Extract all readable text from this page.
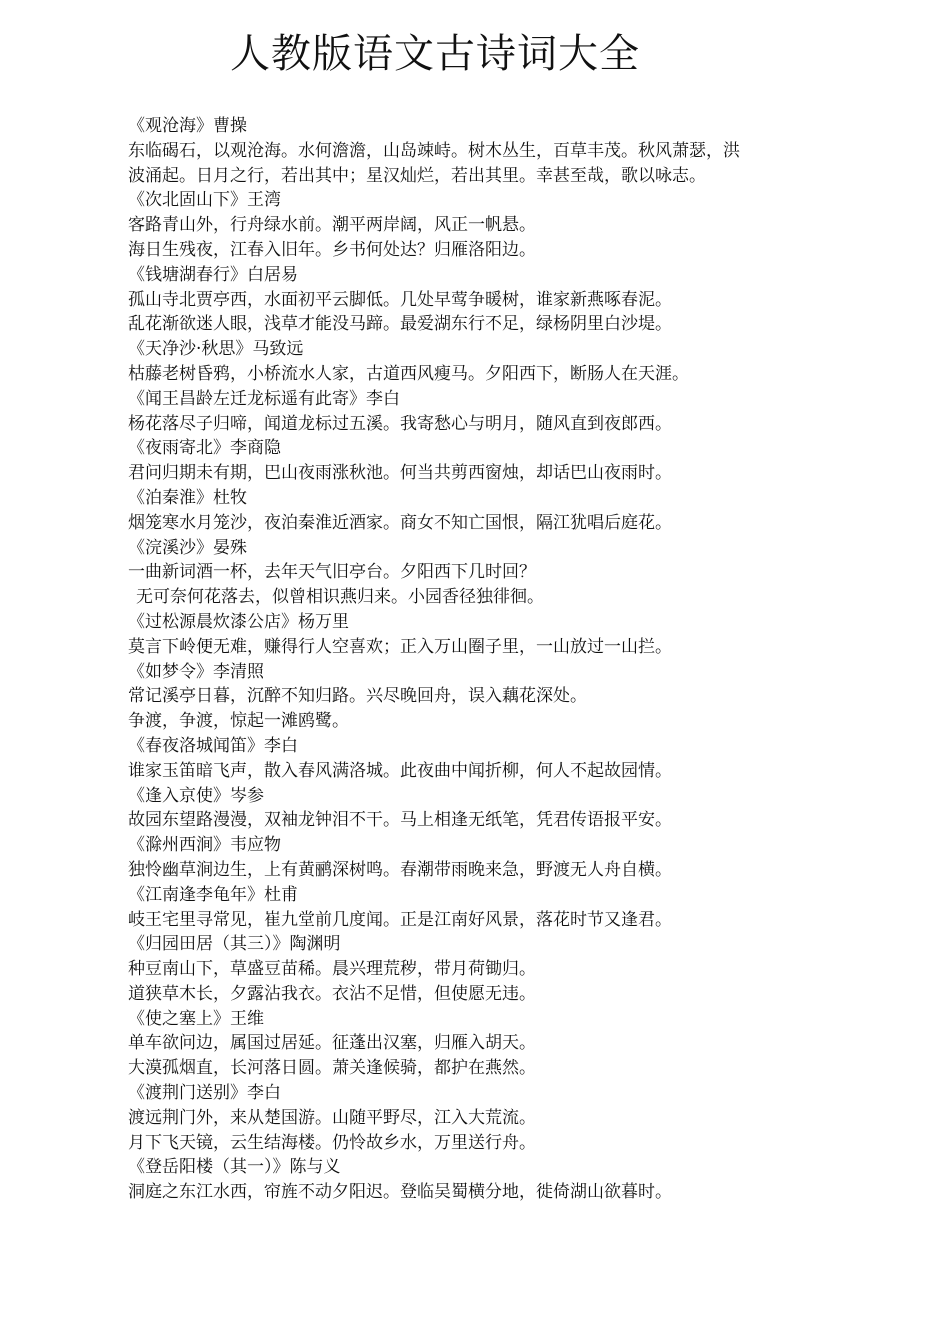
人教版语文古诗词大全
《观沧海》曹操
东临碣石，以观沧海。水何澹澹，山岛竦峙。树木丛生，百草丰茂。秋风萧瑟，洪
波涌起。日月之行，若出其中；星汉灿烂，若出其里。幸甚至哉，歌以咏志。
《次北固山下》王湾
客路青山外，行舟绿水前。潮平两岸阔，风正一帆悬。
海日生残夜，江春入旧年。乡书何处达？归雁洛阳边。
《钱塘湖春行》白居易
孤山寺北贾亭西，水面初平云脚低。几处早莺争暖树，谁家新燕啄春泥。
乱花渐欲迷人眼，浅草才能没马蹄。最爱湖东行不足，绿杨阴里白沙堤。
《天净沙·秋思》马致远
枯藤老树昏鸦，小桥流水人家，古道西风瘦马。夕阳西下，断肠人在天涯。
《闻王昌龄左迁龙标遥有此寄》李白
杨花落尽子归啼，闻道龙标过五溪。我寄愁心与明月，随风直到夜郎西。
《夜雨寄北》李商隐
君问归期未有期，巴山夜雨涨秋池。何当共剪西窗烛，却话巴山夜雨时。
《泊秦淮》杜牧
烟笼寒水月笼沙，夜泊秦淮近酒家。商女不知亡国恨，隔江犹唱后庭花。
《浣溪沙》晏殊
一曲新词酒一杯，去年天气旧亭台。夕阳西下几时回？
无可奈何花落去，似曾相识燕归来。小园香径独徘徊。
《过松源晨炊漆公店》杨万里
莫言下岭便无难，赚得行人空喜欢；正入万山圈子里，一山放过一山拦。
《如梦令》李清照
常记溪亭日暮，沉醉不知归路。兴尽晚回舟，误入藕花深处。
争渡，争渡，惊起一滩鸥鹭。
《春夜洛城闻笛》李白
谁家玉笛暗飞声，散入春风满洛城。此夜曲中闻折柳，何人不起故园情。
《逢入京使》岑参
故园东望路漫漫，双袖龙钟泪不干。马上相逢无纸笔，凭君传语报平安。
《滁州西涧》韦应物
独怜幽草涧边生，上有黄鹂深树鸣。春潮带雨晚来急，野渡无人舟自横。
《江南逢李龟年》杜甫
岐王宅里寻常见，崔九堂前几度闻。正是江南好风景，落花时节又逢君。
《归园田居（其三）》陶渊明
种豆南山下，草盛豆苗稀。晨兴理荒秽，带月荷锄归。
道狭草木长，夕露沾我衣。衣沾不足惜，但使愿无违。
《使之塞上》王维
单车欲问边，属国过居延。征蓬出汉塞，归雁入胡天。
大漠孤烟直，长河落日圆。萧关逢候骑，都护在燕然。
《渡荆门送别》李白
渡远荆门外，来从楚国游。山随平野尽，江入大荒流。
月下飞天镜，云生结海楼。仍怜故乡水，万里送行舟。
《登岳阳楼（其一）》陈与义
洞庭之东江水西，帘旌不动夕阳迟。登临吴蜀横分地，徙倚湖山欲暮时。
